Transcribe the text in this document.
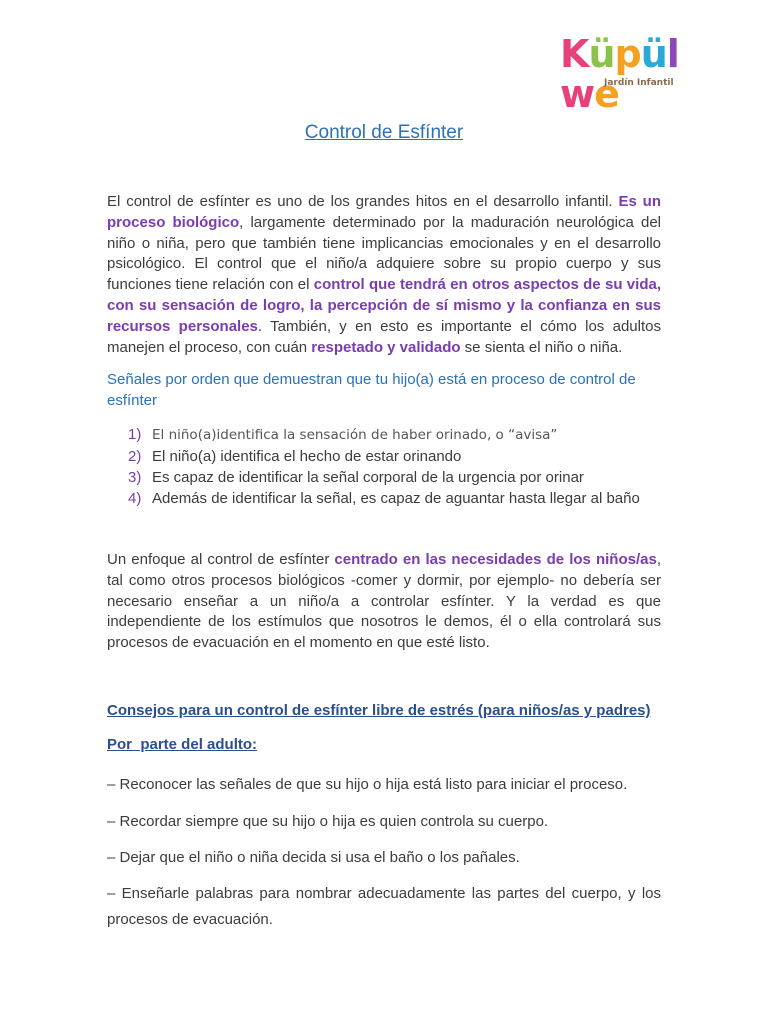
Küpülwe
Jardín Infantil
Control de Esfínter

El control de esfínter es uno de los grandes hitos en el desarrollo infantil. Es un proceso biológico, largamente determinado por la maduración neurológica del niño o niña, pero que también tiene implicancias emocionales y en el desarrollo psicológico. El control que el niño/a adquiere sobre su propio cuerpo y sus funciones tiene relación con el control que tendrá en otros aspectos de su vida, con su sensación de logro, la percepción de sí mismo y la confianza en sus recursos personales. También, y en esto es importante el cómo los adultos manejen el proceso, con cuán respetado y validado se sienta el niño o niña.

Señales por orden que demuestran que tu hijo(a) está en proceso de control de esfínter

1) El niño(a)identifica la sensación de haber orinado, o “avisa”
2) El niño(a) identifica el hecho de estar orinando
3) Es capaz de identificar la señal corporal de la urgencia por orinar
4) Además de identificar la señal, es capaz de aguantar hasta llegar al baño

Un enfoque al control de esfínter centrado en las necesidades de los niños/as, tal como otros procesos biológicos -comer y dormir, por ejemplo- no debería ser necesario enseñar a un niño/a a controlar esfínter. Y la verdad es que independiente de los estímulos que nosotros le demos, él o ella controlará sus procesos de evacuación en el momento en que esté listo.

Consejos para un control de esfínter libre de estrés (para niños/as y padres)

Por  parte del adulto:

– Reconocer las señales de que su hijo o hija está listo para iniciar el proceso.

– Recordar siempre que su hijo o hija es quien controla su cuerpo.

– Dejar que el niño o niña decida si usa el baño o los pañales.

– Enseñarle palabras para nombrar adecuadamente las partes del cuerpo, y los procesos de evacuación.
